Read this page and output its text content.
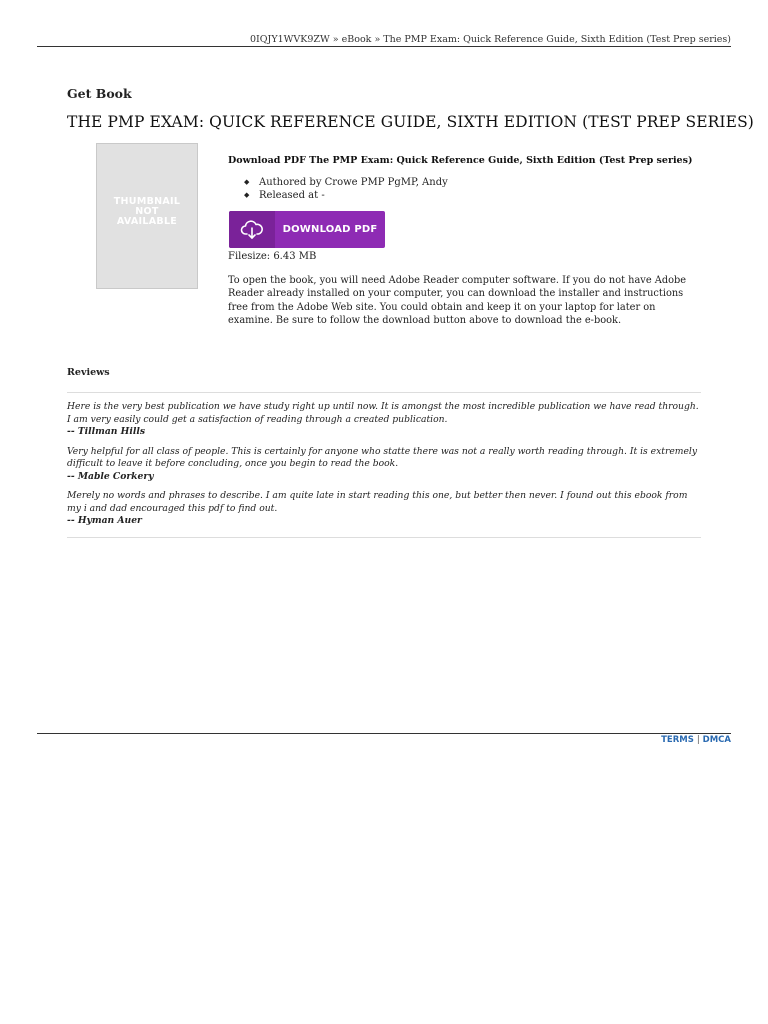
0IQJY1WVK9ZW » eBook » The PMP Exam: Quick Reference Guide, Sixth Edition (Test Prep series)
Get Book
THE PMP EXAM: QUICK REFERENCE GUIDE, SIXTH EDITION (TEST PREP SERIES)
THUMBNAIL
NOT
AVAILABLE
Download PDF The PMP Exam: Quick Reference Guide, Sixth Edition (Test Prep series)
◆ Authored by Crowe PMP PgMP, Andy
◆ Released at -
DOWNLOAD PDF
Filesize: 6.43 MB

To open the book, you will need Adobe Reader computer software. If you do not have Adobe Reader already installed on your computer, you can download the installer and instructions free from the Adobe Web site. You could obtain and keep it on your laptop for later on examine. Be sure to follow the download button above to download the e-book.

Reviews

Here is the very best publication we have study right up until now. It is amongst the most incredible publication we have read through. I am very easily could get a satisfaction of reading through a created publication.

-- Tillman Hills

Very helpful for all class of people. This is certainly for anyone who statte there was not a really worth reading through. It is extremely difficult to leave it before concluding, once you begin to read the book.

-- Mable Corkery

Merely no words and phrases to describe. I am quite late in start reading this one, but better then never. I found out this ebook from my i and dad encouraged this pdf to find out.

-- Hyman Auer

TERMS | DMCA
